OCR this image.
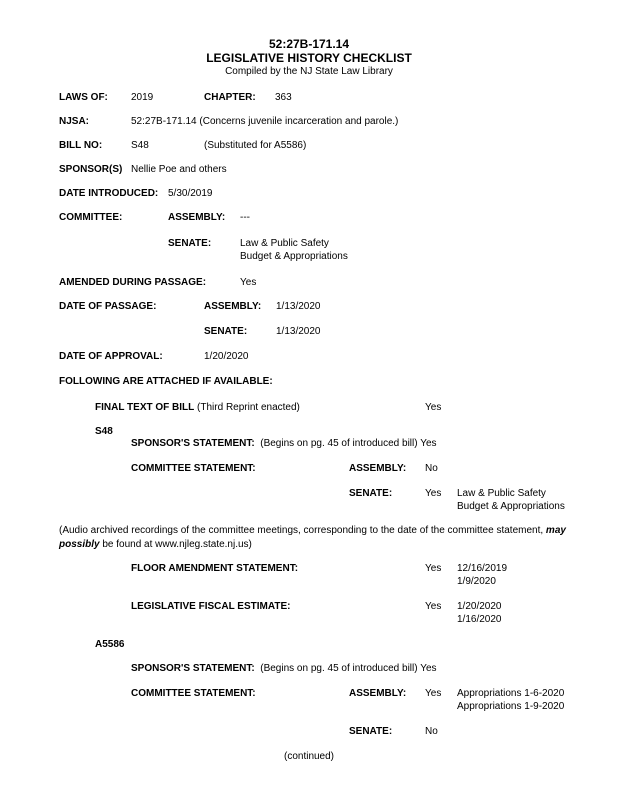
52:27B-171.14
LEGISLATIVE HISTORY CHECKLIST
Compiled by the NJ State Law Library
LAWS OF: 2019	CHAPTER: 363
NJSA:	52:27B-171.14 (Concerns juvenile incarceration and parole.)
BILL NO:	S48	(Substituted for A5586)
SPONSOR(S) Nellie Poe and others
DATE INTRODUCED: 5/30/2019
COMMITTEE:	ASSEMBLY: ---
SENATE:	Law & Public Safety
Budget & Appropriations
AMENDED DURING PASSAGE:	Yes
DATE OF PASSAGE:	ASSEMBLY: 1/13/2020
SENATE:	1/13/2020
DATE OF APPROVAL:	1/20/2020
FOLLOWING ARE ATTACHED IF AVAILABLE:
FINAL TEXT OF BILL (Third Reprint enacted)	Yes
S48
SPONSOR'S STATEMENT: (Begins on pg. 45 of introduced bill) Yes
COMMITTEE STATEMENT:	ASSEMBLY: No
SENATE:	Yes Law & Public Safety
Budget & Appropriations
(Audio archived recordings of the committee meetings, corresponding to the date of the committee statement, may possibly be found at www.njleg.state.nj.us)
FLOOR AMENDMENT STATEMENT:	Yes 12/16/2019
1/9/2020
LEGISLATIVE FISCAL ESTIMATE:	Yes 1/20/2020
1/16/2020
A5586
SPONSOR'S STATEMENT: (Begins on pg. 45 of introduced bill) Yes
COMMITTEE STATEMENT:	ASSEMBLY: Yes Appropriations 1-6-2020
Appropriations 1-9-2020
SENATE:	No
(continued)
